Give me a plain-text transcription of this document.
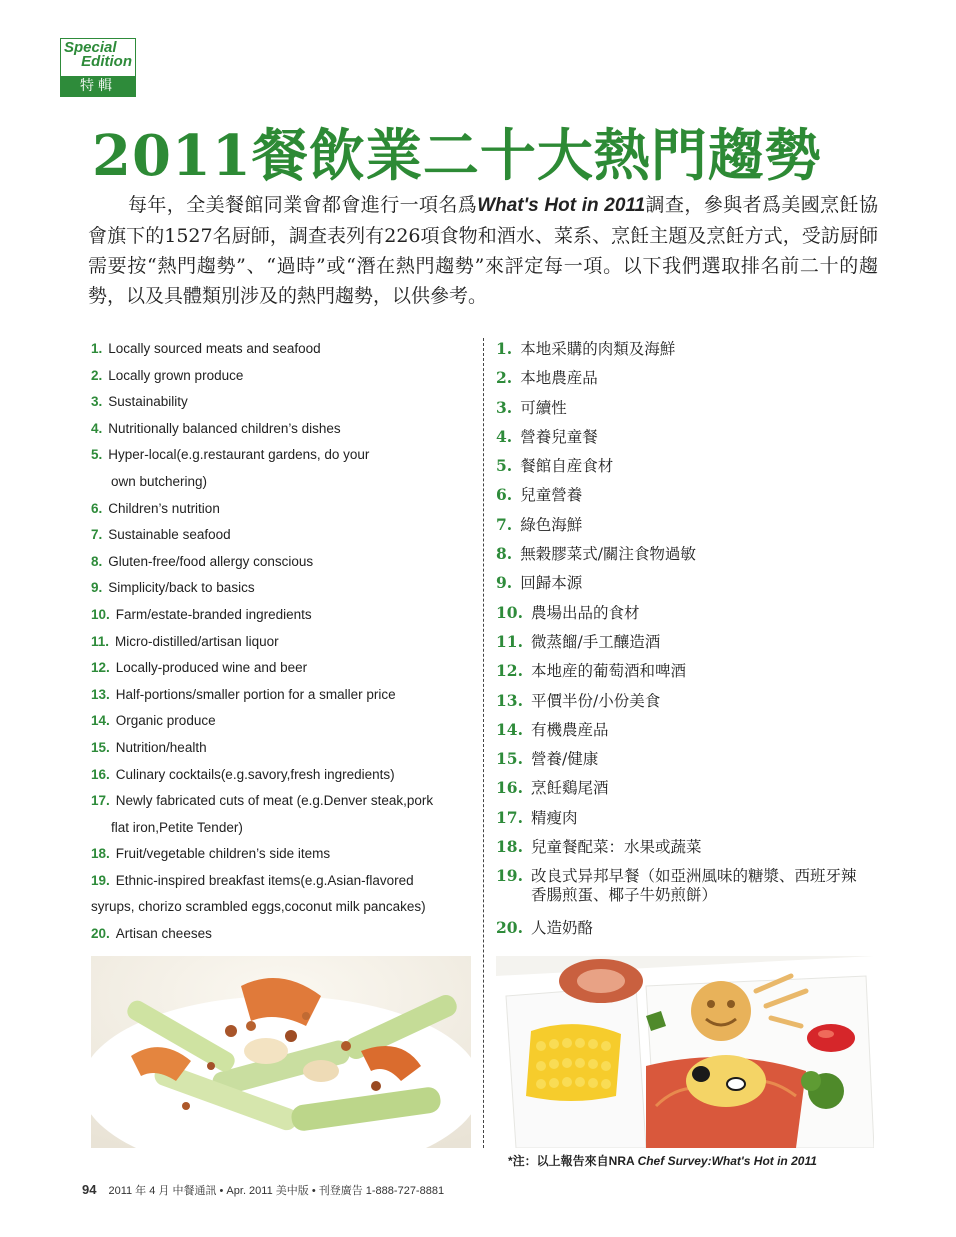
Special
Edition
特輯
2011餐飲業二十大熱門趨勢

每年，全美餐館同業會都會進行一項名爲What's Hot in 2011調查，參與者爲美國烹飪協會旗下的1527名厨師，調查表列有226項食物和酒水、菜系、烹飪主題及烹飪方式，受訪厨師需要按“熱門趨勢”、“過時”或“潛在熱門趨勢”來評定每一項。以下我們選取排名前二十的趨勢，以及具體類別涉及的熱門趨勢，以供參考。

1. Locally sourced meats and seafood
2. Locally grown produce
3. Sustainability
4. Nutritionally balanced children’s dishes
5. Hyper-local(e.g.restaurant gardens, do your
own butchering)
6. Children’s nutrition
7. Sustainable seafood
8. Gluten-free/food allergy conscious
9. Simplicity/back to basics
10. Farm/estate-branded ingredients
11. Micro-distilled/artisan liquor
12. Locally-produced wine and beer
13. Half-portions/smaller portion for a smaller price
14. Organic produce
15. Nutrition/health
16. Culinary cocktails(e.g.savory,fresh ingredients)
17. Newly fabricated cuts of meat (e.g.Denver steak,pork
flat iron,Petite Tender)
18. Fruit/vegetable children’s side items
19. Ethnic-inspired breakfast items(e.g.Asian-flavored
syrups, chorizo scrambled eggs,coconut milk pancakes)
20. Artisan cheeses
1. 本地采購的肉類及海鮮
2. 本地農産品
3. 可續性
4. 營養兒童餐
5. 餐館自産食材
6. 兒童營養
7. 綠色海鮮
8. 無穀膠菜式/關注食物過敏
9. 回歸本源
10. 農場出品的食材
11. 微蒸餾/手工釀造酒
12. 本地産的葡萄酒和啤酒
13. 平價半份/小份美食
14. 有機農産品
15. 營養/健康
16. 烹飪鷄尾酒
17. 精瘦肉
18. 兒童餐配菜：水果或蔬菜
19. 改良式异邦早餐（如亞洲風味的糖漿、西班牙辣香腸煎蛋、椰子牛奶煎餅）
20. 人造奶酪
*注：以上報告來自NRA Chef Survey:What's Hot in 2011
94 2011 年 4 月 中餐通訊 • Apr. 2011 美中版 • 刊登廣告 1-888-727-8881
